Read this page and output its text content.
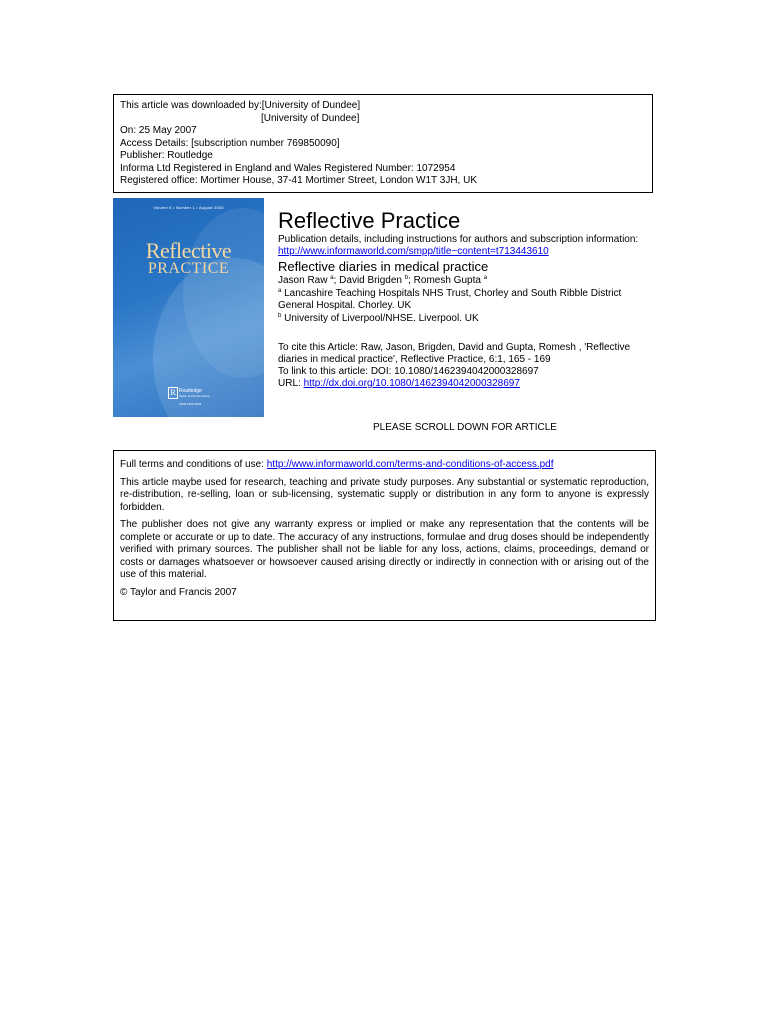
This article was downloaded by:[University of Dundee]
[University of Dundee]
On: 25 May 2007
Access Details: [subscription number 769850090]
Publisher: Routledge
Informa Ltd Registered in England and Wales Registered Number: 1072954
Registered office: Mortimer House, 37-41 Mortimer Street, London W1T 3JH, UK
Volume 6 • Number 1 • August 2005
Reflective
PRACTICE
R Routledge
Taylor & Francis Group
ISSN 1462-3943
Reflective Practice
Publication details, including instructions for authors and subscription information:
http://www.informaworld.com/smpp/title~content=t713443610
Reflective diaries in medical practice
Jason Raw $^a$; David Brigden $^b$; Romesh Gupta $^a$
$^a$ Lancashire Teaching Hospitals NHS Trust, Chorley and South Ribble District
General Hospital. Chorley. UK
$^b$ University of Liverpool/NHSE. Liverpool. UK
To cite this Article: Raw, Jason, Brigden, David and Gupta, Romesh , 'Reflective
diaries in medical practice', Reflective Practice, 6:1, 165 - 169
To link to this article: DOI: 10.1080/14623940420003286​97
URL: http://dx.doi.org/10.1080/1462394042000328697
PLEASE SCROLL DOWN FOR ARTICLE

Full terms and conditions of use: http://www.informaworld.com/terms-and-conditions-of-access.pdf

This article maybe used for research, teaching and private study purposes. Any substantial or systematic reproduction, re-distribution, re-selling, loan or sub-licensing, systematic supply or distribution in any form to anyone is expressly forbidden.

The publisher does not give any warranty express or implied or make any representation that the contents will be complete or accurate or up to date. The accuracy of any instructions, formulae and drug doses should be independently verified with primary sources. The publisher shall not be liable for any loss, actions, claims, proceedings, demand or costs or damages whatsoever or howsoever caused arising directly or indirectly in connection with or arising out of the use of this material.

© Taylor and Francis 2007
